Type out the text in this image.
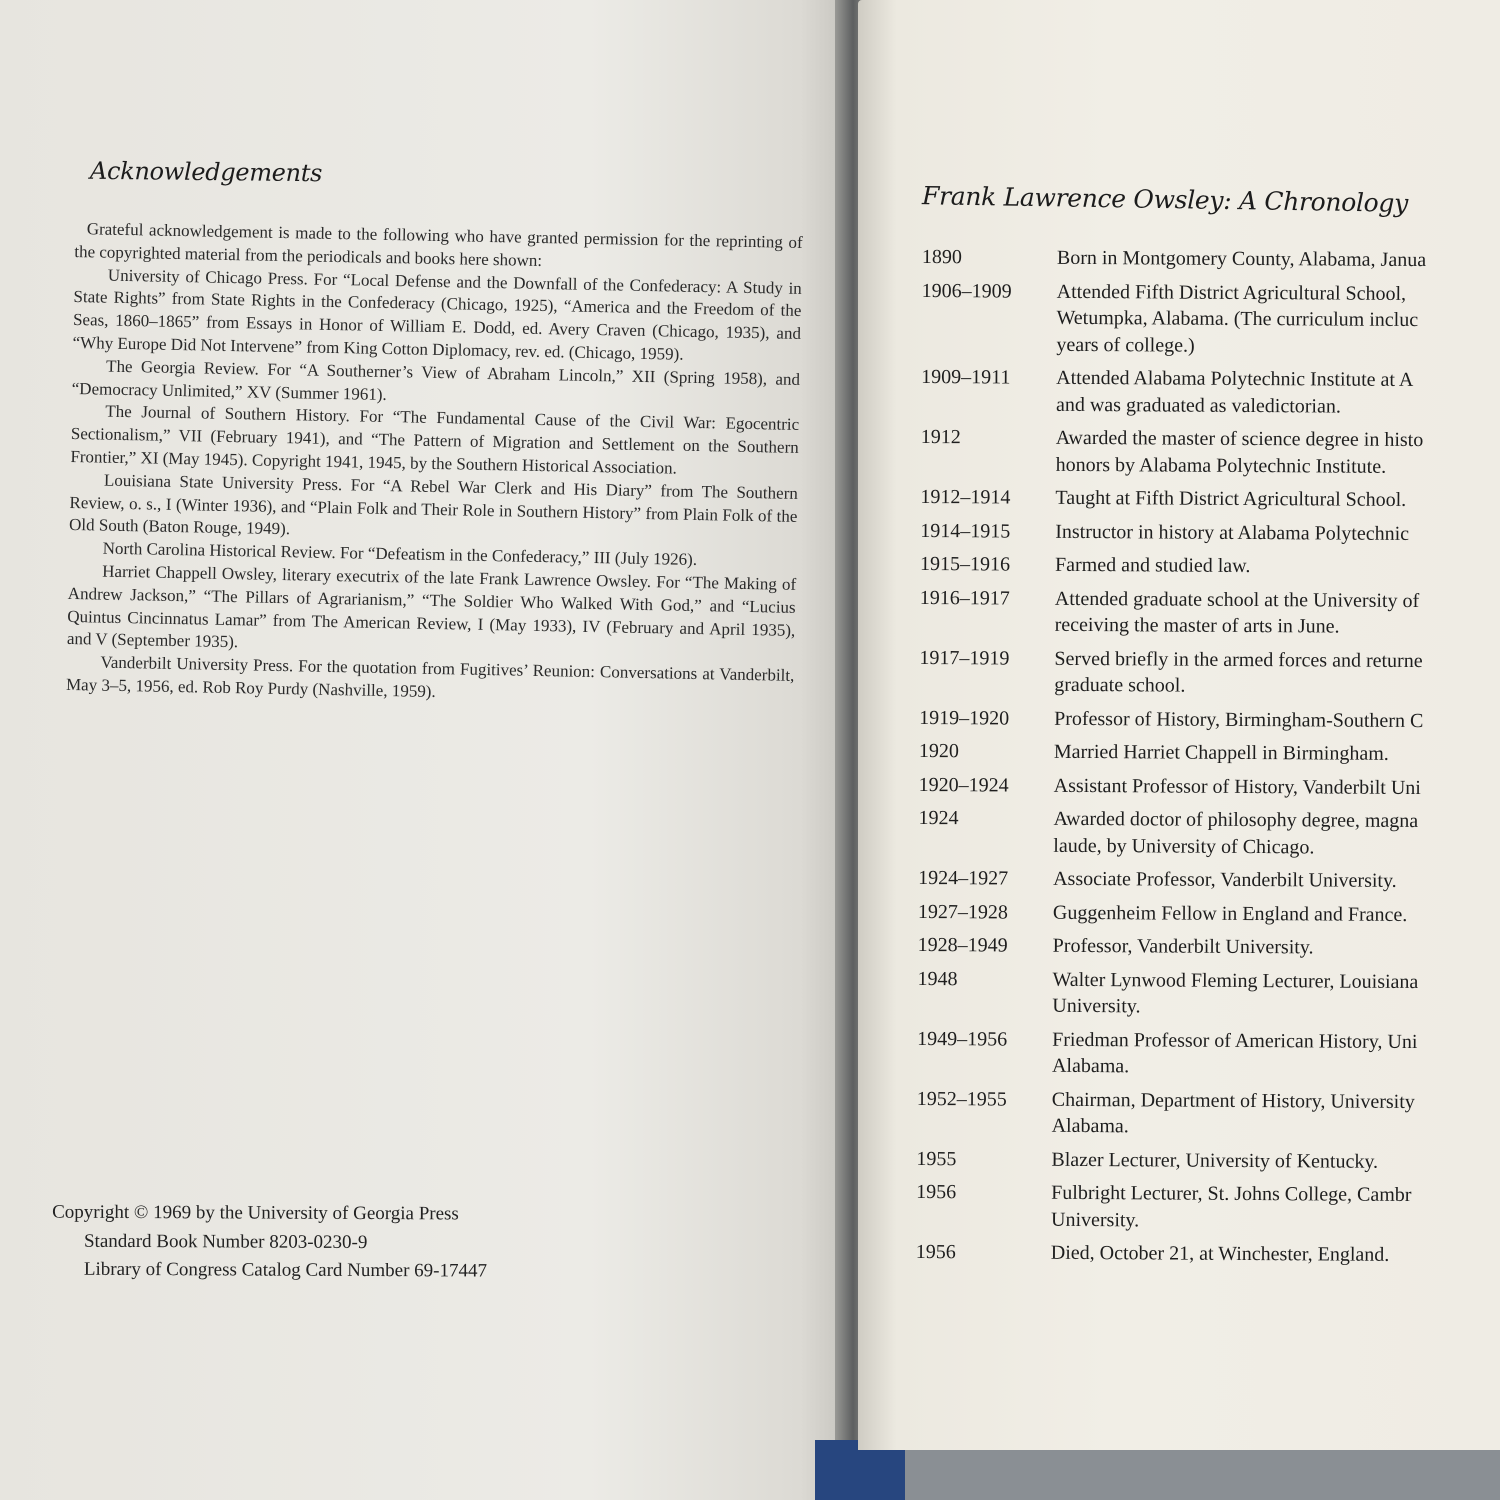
Acknowledgements

Grateful acknowledgement is made to the following who have granted permission for the reprinting of the copyrighted material from the periodicals and books here shown:

University of Chicago Press. For “Local Defense and the Downfall of the Confederacy: A Study in State Rights” from State Rights in the Confederacy (Chicago, 1925), “America and the Freedom of the Seas, 1860–1865” from Essays in Honor of William E. Dodd, ed. Avery Craven (Chicago, 1935), and “Why Europe Did Not Intervene” from King Cotton Diplomacy, rev. ed. (Chicago, 1959).

The Georgia Review. For “A Southerner’s View of Abraham Lincoln,” XII (Spring 1958), and “Democracy Unlimited,” XV (Summer 1961).

The Journal of Southern History. For “The Fundamental Cause of the Civil War: Egocentric Sectionalism,” VII (February 1941), and “The Pattern of Migration and Settlement on the Southern Frontier,” XI (May 1945). Copyright 1941, 1945, by the Southern Historical Association.

Louisiana State University Press. For “A Rebel War Clerk and His Diary” from The Southern Review, o. s., I (Winter 1936), and “Plain Folk and Their Role in Southern History” from Plain Folk of the Old South (Baton Rouge, 1949).

North Carolina Historical Review. For “Defeatism in the Confederacy,” III (July 1926).

Harriet Chappell Owsley, literary executrix of the late Frank Lawrence Owsley. For “The Making of Andrew Jackson,” “The Pillars of Agrarianism,” “The Soldier Who Walked With God,” and “Lucius Quintus Cincinnatus Lamar” from The American Review, I (May 1933), IV (February and April 1935), and V (September 1935).

Vanderbilt University Press. For the quotation from Fugitives’ Reunion: Conversations at Vanderbilt, May 3–5, 1956, ed. Rob Roy Purdy (Nashville, 1959).

Copyright © 1969 by the University of Georgia Press
Standard Book Number 8203-0230-9
Library of Congress Catalog Card Number 69-17447
Frank Lawrence Owsley: A Chronology
1890	Born in Montgomery County, Alabama, Janua
1906–1909	Attended Fifth District Agricultural School,
Wetumpka, Alabama. (The curriculum incluc
years of college.)
1909–1911	Attended Alabama Polytechnic Institute at A
and was graduated as valedictorian.
1912	Awarded the master of science degree in histo
honors by Alabama Polytechnic Institute.
1912–1914	Taught at Fifth District Agricultural School.
1914–1915	Instructor in history at Alabama Polytechnic
1915–1916	Farmed and studied law.
1916–1917	Attended graduate school at the University of
receiving the master of arts in June.
1917–1919	Served briefly in the armed forces and returne
graduate school.
1919–1920	Professor of History, Birmingham-Southern C
1920	Married Harriet Chappell in Birmingham.
1920–1924	Assistant Professor of History, Vanderbilt Uni
1924	Awarded doctor of philosophy degree, magna
laude, by University of Chicago.
1924–1927	Associate Professor, Vanderbilt University.
1927–1928	Guggenheim Fellow in England and France.
1928–1949	Professor, Vanderbilt University.
1948	Walter Lynwood Fleming Lecturer, Louisiana
University.
1949–1956	Friedman Professor of American History, Uni
Alabama.
1952–1955	Chairman, Department of History, University
Alabama.
1955	Blazer Lecturer, University of Kentucky.
1956	Fulbright Lecturer, St. Johns College, Cambr
University.
1956	Died, October 21, at Winchester, England.
